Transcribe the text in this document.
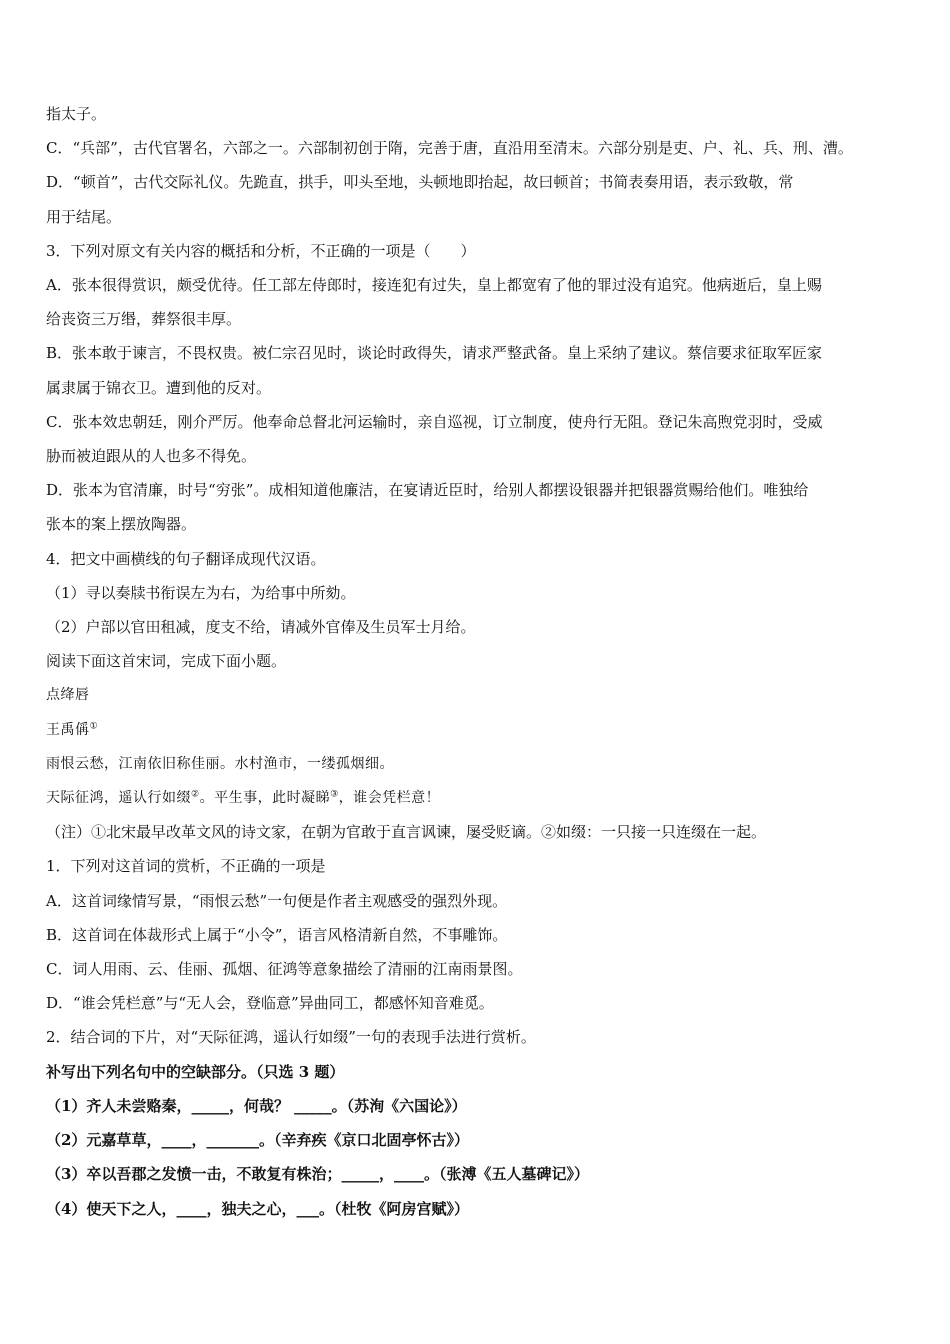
指太子。
C．“兵部”，古代官署名，六部之一。六部制初创于隋，完善于唐，直沿用至清末。六部分别是吏、户、礼、兵、刑、漕。
D．“顿首”，古代交际礼仪。先跪直，拱手，叩头至地，头顿地即抬起，故曰顿首；书简表奏用语，表示致敬，常
用于结尾。
3．下列对原文有关内容的概括和分析，不正确的一项是（　　）
A．张本很得赏识，颇受优待。任工部左侍郎时，接连犯有过失，皇上都宽宥了他的罪过没有追究。他病逝后，皇上赐
给丧资三万缗，葬祭很丰厚。
B．张本敢于谏言，不畏权贵。被仁宗召见时，谈论时政得失，请求严整武备。皇上采纳了建议。蔡信要求征取军匠家
属隶属于锦衣卫。遭到他的反对。
C．张本效忠朝廷，刚介严厉。他奉命总督北河运输时，亲自巡视，订立制度，使舟行无阻。登记朱高煦党羽时，受威
胁而被迫跟从的人也多不得免。
D．张本为官清廉，时号“穷张”。成相知道他廉洁，在宴请近臣时，给别人都摆设银器并把银器赏赐给他们。唯独给
张本的案上摆放陶器。
4．把文中画横线的句子翻译成现代汉语。
（1）寻以奏牍书衔误左为右，为给事中所劾。
（2）户部以官田租减，度支不给，请减外官俸及生员军士月给。
阅读下面这首宋词，完成下面小题。
点绛唇
王禹偁①
雨恨云愁，江南依旧称佳丽。水村渔市，一缕孤烟细。
天际征鸿，遥认行如缀②。平生事，此时凝睇③，谁会凭栏意！
（注）①北宋最早改革文风的诗文家，在朝为官敢于直言讽谏，屡受贬谪。②如缀：一只接一只连缀在一起。
1．下列对这首词的赏析，不正确的一项是
A．这首词缘情写景，“雨恨云愁”一句便是作者主观感受的强烈外现。
B．这首词在体裁形式上属于“小令”，语言风格清新自然，不事雕饰。
C．词人用雨、云、佳丽、孤烟、征鸿等意象描绘了清丽的江南雨景图。
D．“谁会凭栏意”与“无人会，登临意”异曲同工，都感怀知音难觅。
2．结合词的下片，对“天际征鸿，遥认行如缀”一句的表现手法进行赏析。
补写出下列名句中的空缺部分。（只选 3 题）
（1）齐人未尝赂秦，_____，何哉？ _____。（苏洵《六国论》）
（2）元嘉草草，____，_______。（辛弃疾《京口北固亭怀古》）
（3）卒以吾郡之发愤一击，不敢复有株治；_____，____。（张溥《五人墓碑记》）
（4）使天下之人，____，独夫之心，___。（杜牧《阿房宫赋》）
